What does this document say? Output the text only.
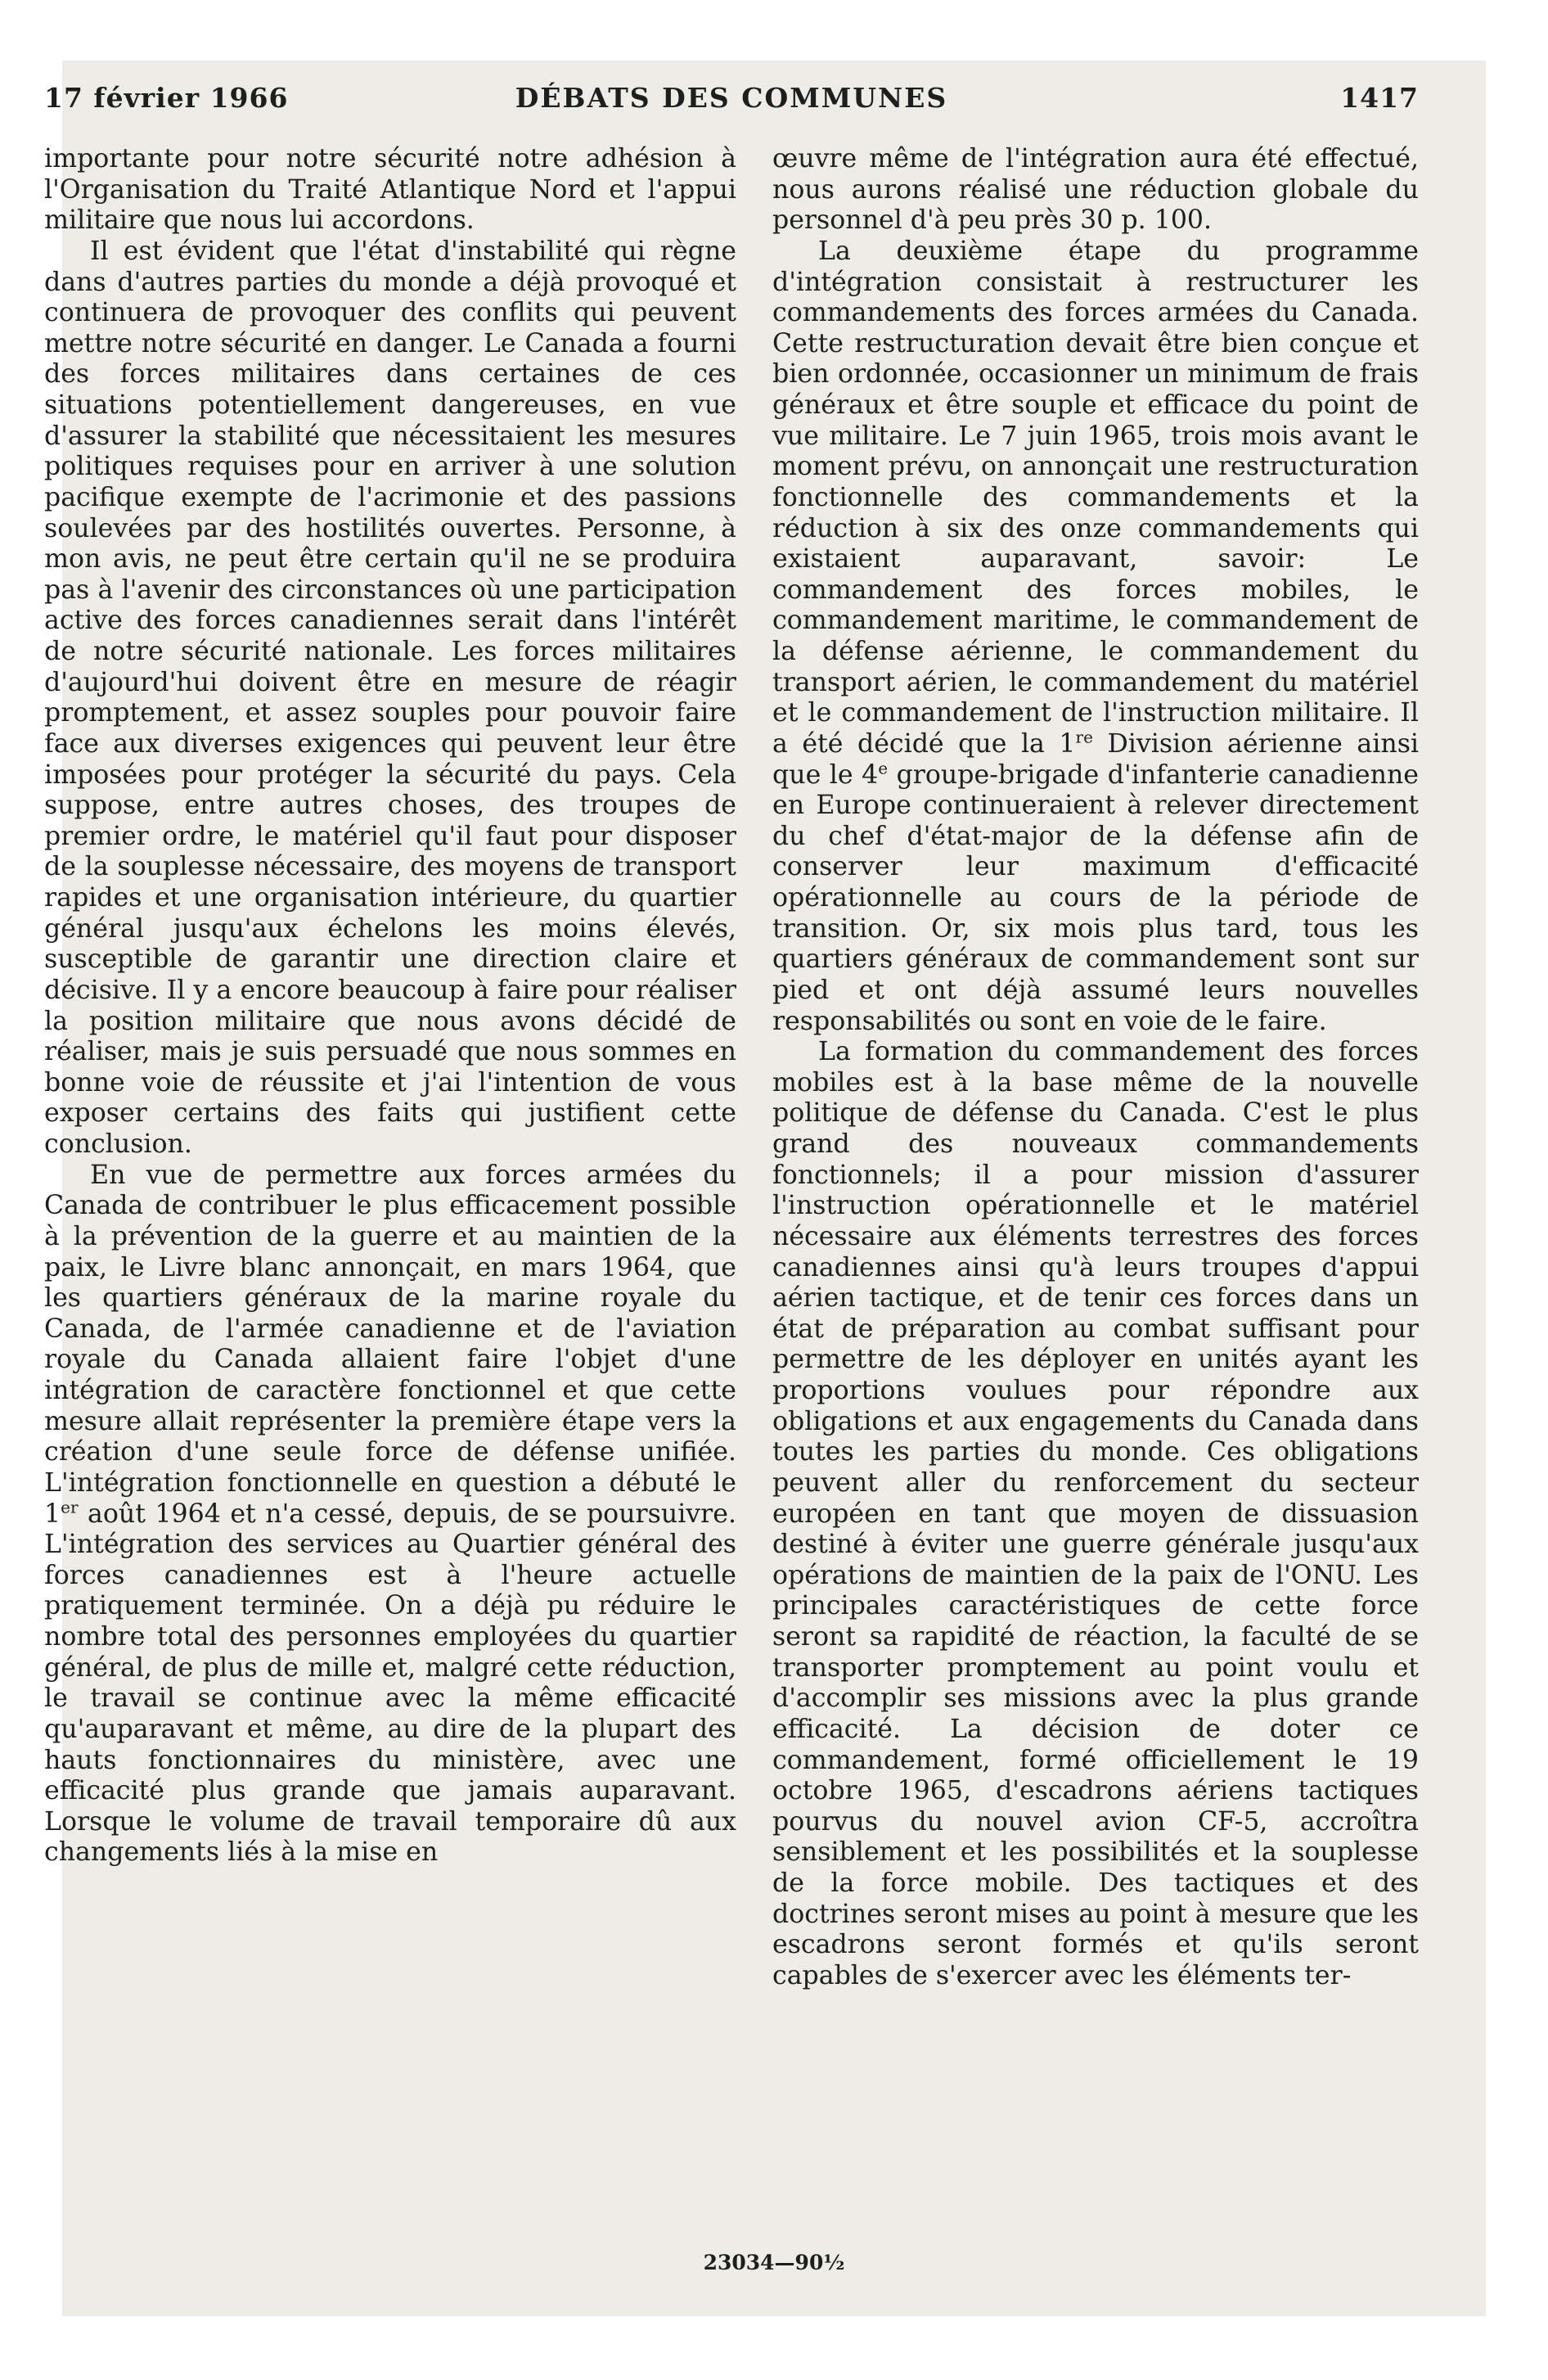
17 février 1966	DÉBATS DES COMMUNES	1417

importante pour notre sécurité notre adhésion à l'Organisation du Traité Atlantique Nord et l'appui militaire que nous lui accordons.

Il est évident que l'état d'instabilité qui règne dans d'autres parties du monde a déjà provoqué et continuera de provoquer des conflits qui peuvent mettre notre sécurité en danger. Le Canada a fourni des forces militaires dans certaines de ces situations potentiellement dangereuses, en vue d'assurer la stabilité que nécessitaient les mesures politiques requises pour en arriver à une solution pacifique exempte de l'acrimonie et des passions soulevées par des hostilités ouvertes. Personne, à mon avis, ne peut être certain qu'il ne se produira pas à l'avenir des circonstances où une participation active des forces canadiennes serait dans l'intérêt de notre sécurité nationale. Les forces militaires d'aujourd'hui doivent être en mesure de réagir promptement, et assez souples pour pouvoir faire face aux diverses exigences qui peuvent leur être imposées pour protéger la sécurité du pays. Cela suppose, entre autres choses, des troupes de premier ordre, le matériel qu'il faut pour disposer de la souplesse nécessaire, des moyens de transport rapides et une organisation intérieure, du quartier général jusqu'aux échelons les moins élevés, susceptible de garantir une direction claire et décisive. Il y a encore beaucoup à faire pour réaliser la position militaire que nous avons décidé de réaliser, mais je suis persuadé que nous sommes en bonne voie de réussite et j'ai l'intention de vous exposer certains des faits qui justifient cette conclusion.

En vue de permettre aux forces armées du Canada de contribuer le plus efficacement possible à la prévention de la guerre et au maintien de la paix, le Livre blanc annonçait, en mars 1964, que les quartiers généraux de la marine royale du Canada, de l'armée canadienne et de l'aviation royale du Canada allaient faire l'objet d'une intégration de caractère fonctionnel et que cette mesure allait représenter la première étape vers la création d'une seule force de défense unifiée. L'intégration fonctionnelle en question a débuté le 1er août 1964 et n'a cessé, depuis, de se poursuivre. L'intégration des services au Quartier général des forces canadiennes est à l'heure actuelle pratiquement terminée. On a déjà pu réduire le nombre total des personnes employées du quartier général, de plus de mille et, malgré cette réduction, le travail se continue avec la même efficacité qu'auparavant et même, au dire de la plupart des hauts fonctionnaires du ministère, avec une efficacité plus grande que jamais auparavant. Lorsque le volume de travail temporaire dû aux changements liés à la mise en

œuvre même de l'intégration aura été effectué, nous aurons réalisé une réduction globale du personnel d'à peu près 30 p. 100.

La deuxième étape du programme d'intégration consistait à restructurer les commandements des forces armées du Canada. Cette restructuration devait être bien conçue et bien ordonnée, occasionner un minimum de frais généraux et être souple et efficace du point de vue militaire. Le 7 juin 1965, trois mois avant le moment prévu, on annonçait une restructuration fonctionnelle des commandements et la réduction à six des onze commandements qui existaient auparavant, savoir: Le commandement des forces mobiles, le commandement maritime, le commandement de la défense aérienne, le commandement du transport aérien, le commandement du matériel et le commandement de l'instruction militaire. Il a été décidé que la 1re Division aérienne ainsi que le 4e groupe-brigade d'infanterie canadienne en Europe continueraient à relever directement du chef d'état-major de la défense afin de conserver leur maximum d'efficacité opérationnelle au cours de la période de transition. Or, six mois plus tard, tous les quartiers généraux de commandement sont sur pied et ont déjà assumé leurs nouvelles responsabilités ou sont en voie de le faire.

La formation du commandement des forces mobiles est à la base même de la nouvelle politique de défense du Canada. C'est le plus grand des nouveaux commandements fonctionnels; il a pour mission d'assurer l'instruction opérationnelle et le matériel nécessaire aux éléments terrestres des forces canadiennes ainsi qu'à leurs troupes d'appui aérien tactique, et de tenir ces forces dans un état de préparation au combat suffisant pour permettre de les déployer en unités ayant les proportions voulues pour répondre aux obligations et aux engagements du Canada dans toutes les parties du monde. Ces obligations peuvent aller du renforcement du secteur européen en tant que moyen de dissuasion destiné à éviter une guerre générale jusqu'aux opérations de maintien de la paix de l'ONU. Les principales caractéristiques de cette force seront sa rapidité de réaction, la faculté de se transporter promptement au point voulu et d'accomplir ses missions avec la plus grande efficacité. La décision de doter ce commandement, formé officiellement le 19 octobre 1965, d'escadrons aériens tactiques pourvus du nouvel avion CF-5, accroîtra sensiblement et les possibilités et la souplesse de la force mobile. Des tactiques et des doctrines seront mises au point à mesure que les escadrons seront formés et qu'ils seront capables de s'exercer avec les éléments ter-

23034—90½
